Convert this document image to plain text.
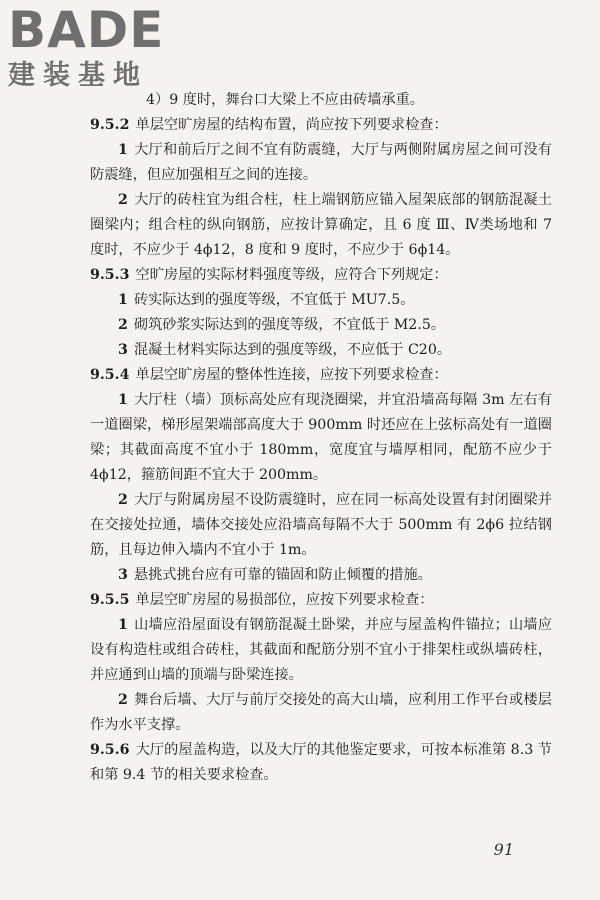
BADE
建装基地

4）9 度时，舞台口大梁上不应由砖墙承重。

9.5.2 单层空旷房屋的结构布置，尚应按下列要求检查：

1 大厅和前后厅之间不宜有防震缝，大厅与两侧附属房屋之间可没有防震缝，但应加强相互之间的连接。

2 大厅的砖柱宜为组合柱，柱上端钢筋应锚入屋架底部的钢筋混凝土圈梁内；组合柱的纵向钢筋，应按计算确定，且 6 度 Ⅲ、Ⅳ类场地和 7 度时，不应少于 4ϕ12，8 度和 9 度时，不应少于 6ϕ14。

9.5.3 空旷房屋的实际材料强度等级，应符合下列规定：

1 砖实际达到的强度等级，不宜低于 MU7.5。

2 砌筑砂浆实际达到的强度等级，不宜低于 M2.5。

3 混凝土材料实际达到的强度等级，不应低于 C20。

9.5.4 单层空旷房屋的整体性连接，应按下列要求检查：

1 大厅柱（墙）顶标高处应有现浇圈梁，并宜沿墙高每隔 3m 左右有一道圈梁，梯形屋架端部高度大于 900mm 时还应在上弦标高处有一道圈梁；其截面高度不宜小于 180mm，宽度宜与墙厚相同，配筋不应少于 4ϕ12，箍筋间距不宜大于 200mm。

2 大厅与附属房屋不设防震缝时，应在同一标高处设置有封闭圈梁并在交接处拉通，墙体交接处应沿墙高每隔不大于 500mm 有 2ϕ6 拉结钢筋，且每边伸入墙内不宜小于 1m。

3 悬挑式挑台应有可靠的锚固和防止倾覆的措施。

9.5.5 单层空旷房屋的易损部位，应按下列要求检查：

1 山墙应沿屋面设有钢筋混凝土卧梁，并应与屋盖构件锚拉；山墙应设有构造柱或组合砖柱，其截面和配筋分别不宜小于排架柱或纵墙砖柱，并应通到山墙的顶端与卧梁连接。

2 舞台后墙、大厅与前厅交接处的高大山墙，应利用工作平台或楼层作为水平支撑。

9.5.6 大厅的屋盖构造，以及大厅的其他鉴定要求，可按本标准第 8.3 节和第 9.4 节的相关要求检查。

91
